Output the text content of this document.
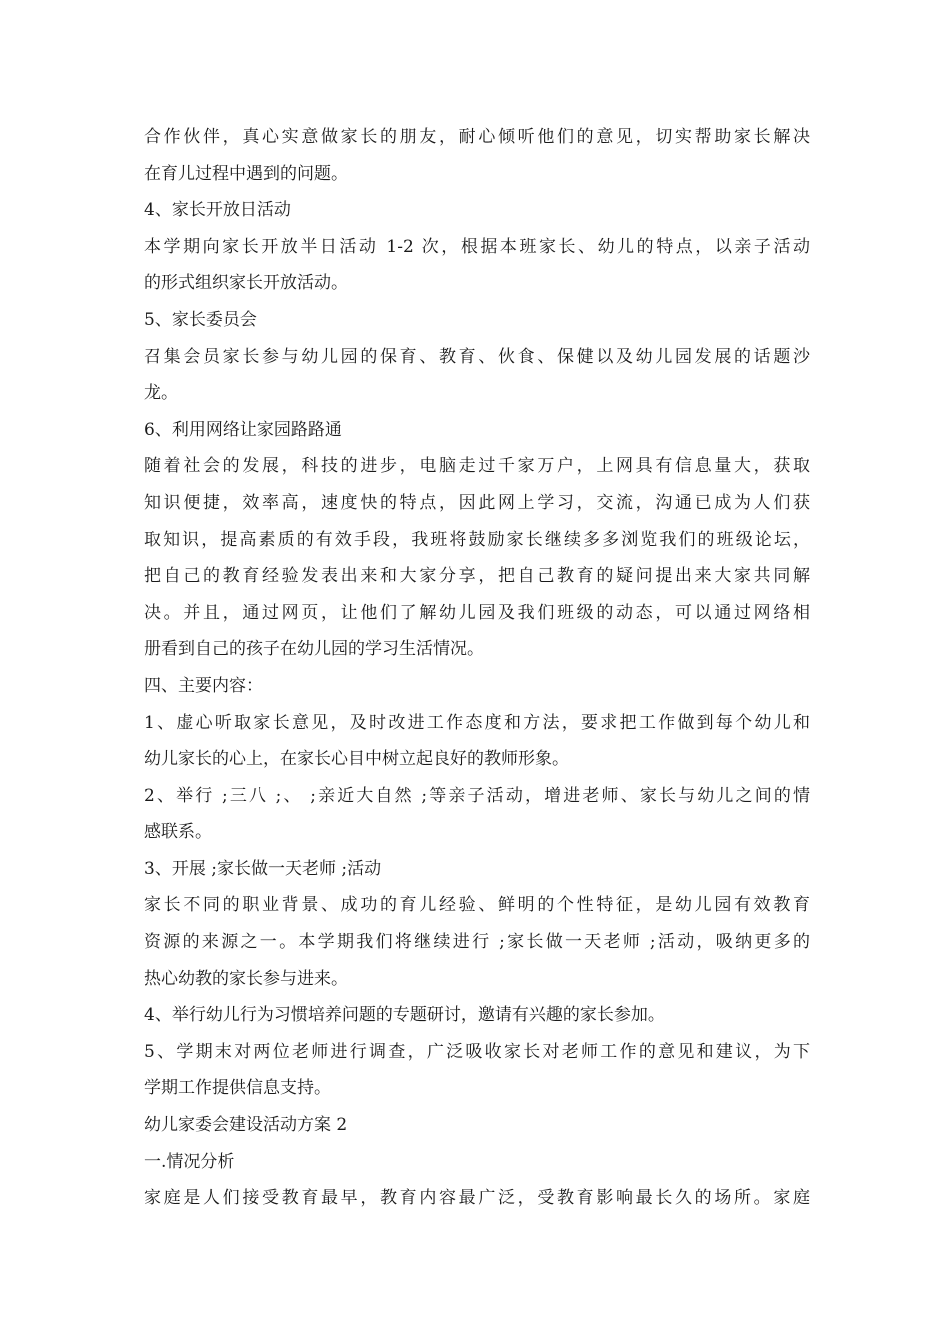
合作伙伴，真心实意做家长的朋友，耐心倾听他们的意见，切实帮助家长解决
在育儿过程中遇到的问题。
4、家长开放日活动
本学期向家长开放半日活动 1-2 次，根据本班家长、幼儿的特点，以亲子活动
的形式组织家长开放活动。
5、家长委员会
召集会员家长参与幼儿园的保育、教育、伙食、保健以及幼儿园发展的话题沙
龙。
6、利用网络让家园路路通
随着社会的发展，科技的进步，电脑走过千家万户，上网具有信息量大，获取
知识便捷，效率高，速度快的特点，因此网上学习，交流，沟通已成为人们获
取知识，提高素质的有效手段，我班将鼓励家长继续多多浏览我们的班级论坛，
把自己的教育经验发表出来和大家分享，把自己教育的疑问提出来大家共同解
决。并且，通过网页，让他们了解幼儿园及我们班级的动态，可以通过网络相
册看到自己的孩子在幼儿园的学习生活情况。
四、主要内容：
1、虚心听取家长意见，及时改进工作态度和方法，要求把工作做到每个幼儿和
幼儿家长的心上，在家长心目中树立起良好的教师形象。
2、举行 ;三八 ;、 ;亲近大自然 ;等亲子活动，增进老师、家长与幼儿之间的情
感联系。
3、开展 ;家长做一天老师 ;活动
家长不同的职业背景、成功的育儿经验、鲜明的个性特征，是幼儿园有效教育
资源的来源之一。本学期我们将继续进行 ;家长做一天老师 ;活动，吸纳更多的
热心幼教的家长参与进来。
4、举行幼儿行为习惯培养问题的专题研讨，邀请有兴趣的家长参加。
5、学期末对两位老师进行调查，广泛吸收家长对老师工作的意见和建议，为下
学期工作提供信息支持。
幼儿家委会建设活动方案 2
一.情况分析
家庭是人们接受教育最早，教育内容最广泛，受教育影响最长久的场所。家庭
